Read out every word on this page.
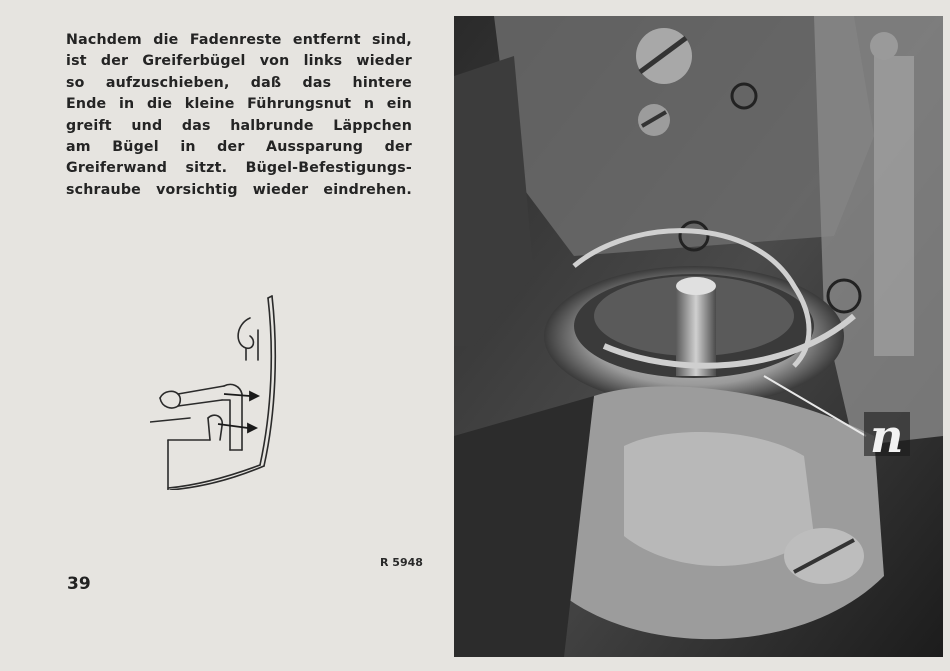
Nachdem die Fadenreste entfernt sind,
ist der Greiferbügel von links wieder
so aufzuschieben, daß das hintere
Ende in die kleine Führungsnut n ein
greift und das halbrunde Läppchen
am Bügel in der Aussparung der
Greiferwand sitzt. Bügel-Befestigungs-
schraube vorsichtig wieder eindrehen.

R 5948
39
n
